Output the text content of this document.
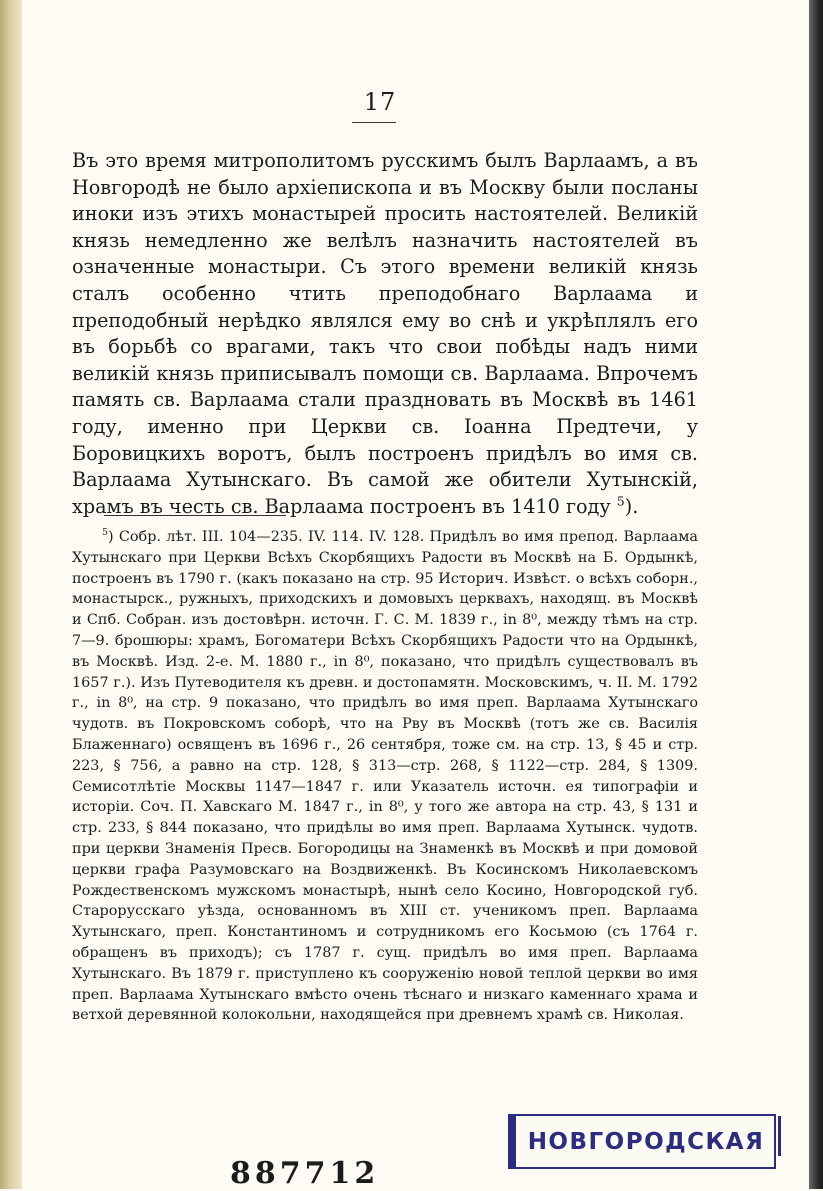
17

Въ это время митрополитомъ русскимъ былъ Варлаамъ, а въ Новгородѣ не было архіепископа и въ Москву были посланы иноки изъ этихъ монастырей просить настоятелей. Великій князь немедленно же велѣлъ назначить настоятелей въ означенные монастыри. Съ этого времени великій князь сталъ особенно чтить преподобнаго Варлаама и преподобный нерѣдко являлся ему во снѣ и укрѣплялъ его въ борьбѣ со врагами, такъ что свои побѣды надъ ними великій князь приписывалъ помощи св. Варлаама. Впрочемъ память св. Варлаама стали праздновать въ Москвѣ въ 1461 году, именно при Церкви св. Іоанна Предтечи, у Боровицкихъ воротъ, былъ построенъ придѣлъ во имя св. Варлаама Хутынскаго. Въ самой же обители Хутынскій, храмъ въ честь св. Варлаама построенъ въ 1410 году $^5$).

$^5$) Собр. лѣт. III. 104—235. IV. 114. IV. 128. Придѣлъ во имя препод. Варлаама Хутынскаго при Церкви Всѣхъ Скорбящихъ Радости въ Москвѣ на Б. Ордынкѣ, построенъ въ 1790 г. (какъ показано на стр. 95 Историч. Извѣст. о всѣхъ соборн., монастырск., ружныхъ, приходскихъ и домовыхъ церквахъ, находящ. въ Москвѣ и Спб. Собран. изъ достовѣрн. источн. Г. С. М. 1839 г., in 8⁰, между тѣмъ на стр. 7—9. брошюры: храмъ, Богоматери Всѣхъ Скорбящихъ Радости что на Ордынкѣ, въ Москвѣ. Изд. 2-е. М. 1880 г., in 8⁰, показано, что придѣлъ существовалъ въ 1657 г.). Изъ Путеводителя къ древн. и достопамятн. Московскимъ, ч. II. М. 1792 г., in 8⁰, на стр. 9 показано, что придѣлъ во имя преп. Варлаама Хутынскаго чудотв. въ Покровскомъ соборѣ, что на Рву въ Москвѣ (тотъ же св. Василія Блаженнаго) освященъ въ 1696 г., 26 сентября, тоже см. на стр. 13, § 45 и стр. 223, § 756, а равно на стр. 128, § 313—стр. 268, § 1122—стр. 284, § 1309. Семисотлѣтіе Москвы 1147—1847 г. или Указатель источн. ея типографіи и исторіи. Соч. П. Хавскаго М. 1847 г., in 8⁰, у того же автора на стр. 43, § 131 и стр. 233, § 844 показано, что придѣлы во имя преп. Варлаама Хутынск. чудотв. при церкви Знаменія Пресв. Богородицы на Знаменкѣ въ Москвѣ и при домовой церкви графа Разумовскаго на Воздвиженкѣ. Въ Косинскомъ Николаевскомъ Рождественскомъ мужскомъ монастырѣ, нынѣ село Косино, Новгородской губ. Старорусскаго уѣзда, основанномъ въ XIII ст. ученикомъ преп. Варлаама Хутынскаго, преп. Константиномъ и сотрудникомъ его Косьмою (съ 1764 г. обращенъ въ приходъ); съ 1787 г. сущ. придѣлъ во имя преп. Варлаама Хутынскаго. Въ 1879 г. приступлено къ сооруженію новой теплой церкви во имя преп. Варлаама Хутынскаго вмѣсто очень тѣснаго и низкаго каменнаго храма и ветхой деревянной колокольни, находящейся при древнемъ храмѣ св. Николая.

НОВГОРОДСКАЯ
887712
